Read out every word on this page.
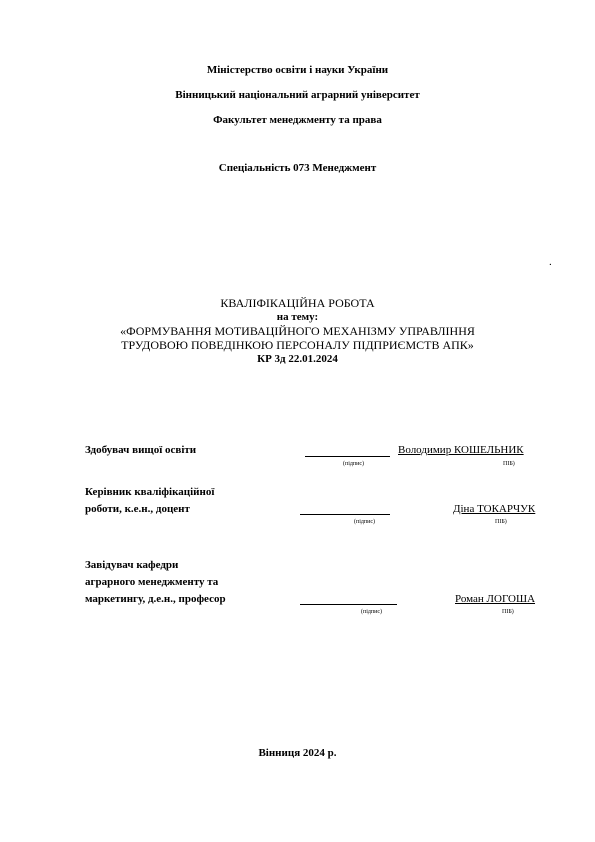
Міністерство освіти і науки України
Вінницький національний аграрний університет
Факультет менеджменту та права
Спеціальність 073 Менеджмент
.
КВАЛІФІКАЦІЙНА РОБОТА
на тему:
«ФОРМУВАННЯ МОТИВАЦІЙНОГО МЕХАНІЗМУ УПРАВЛІННЯ
ТРУДОВОЮ ПОВЕДІНКОЮ ПЕРСОНАЛУ ПІДПРИЄМСТВ АПК»
КР 3д 22.01.2024
Здобувач вищої освіти	Володимир КОШЕЛЬНИК
(підпис)	ПІБ)
Керівник кваліфікаційної
роботи, к.е.н., доцент	Діна ТОКАРЧУК
(підпис)	ПІБ)
Завідувач кафедри
аграрного менеджменту та
маркетингу, д.е.н., професор	Роман ЛОГОША
(підпис)	ПІБ)
Вінниця 2024 р.
